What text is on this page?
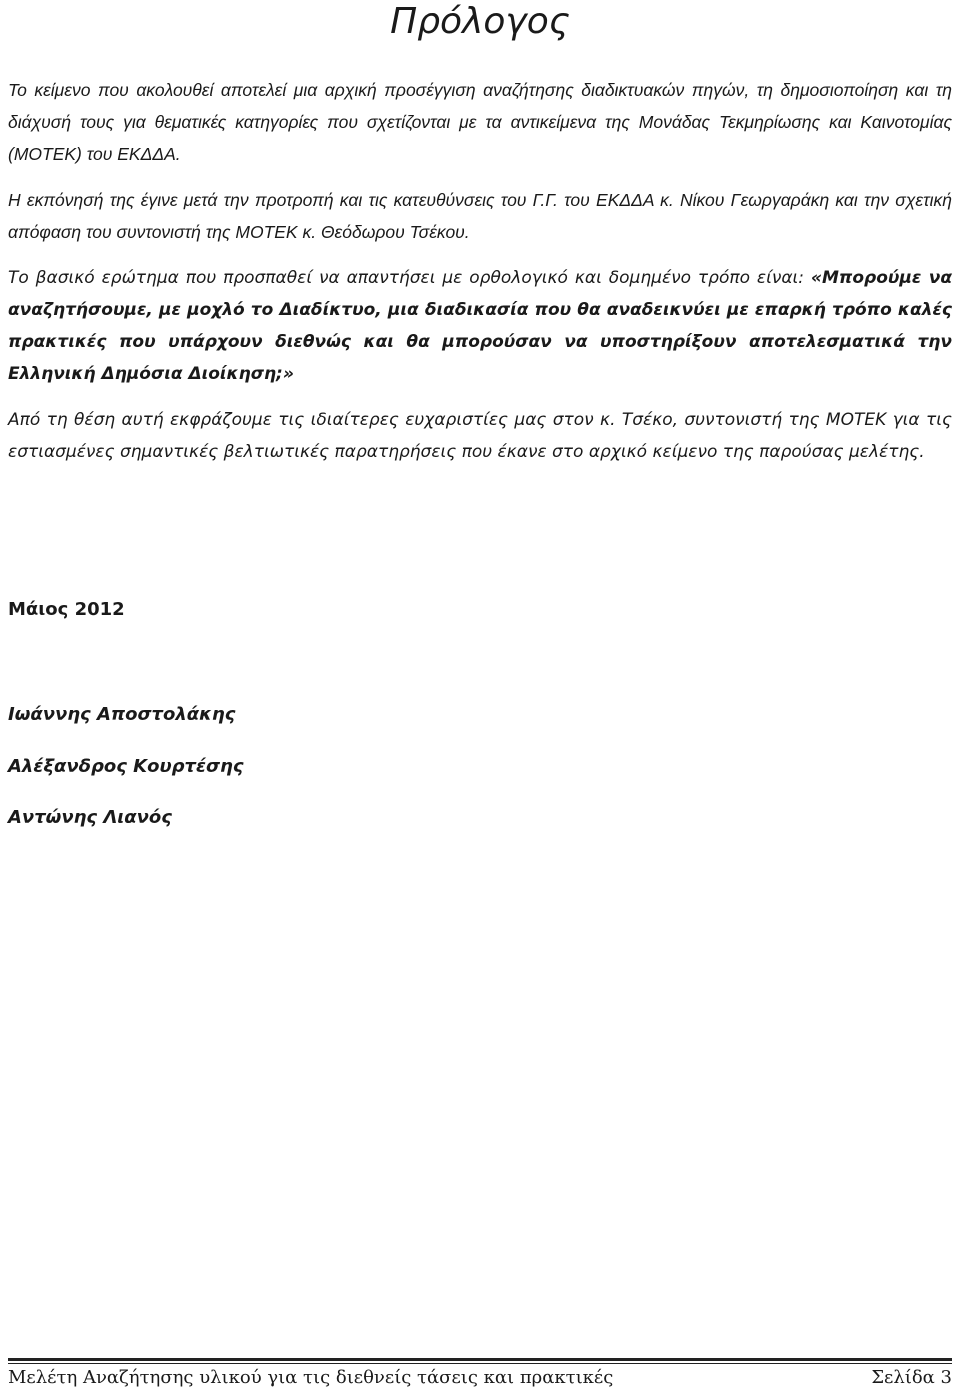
Πρόλογος

Το κείμενο που ακολουθεί αποτελεί μια αρχική προσέγγιση αναζήτησης διαδικτυακών πηγών, τη δημοσιοποίηση και τη διάχυσή τους για θεματικές κατηγορίες που σχετίζονται με τα αντικείμενα της Μονάδας Τεκμηρίωσης και Καινοτομίας (ΜΟΤΕΚ) του ΕΚΔΔΑ.

Η εκπόνησή της έγινε μετά την προτροπή και τις κατευθύνσεις του Γ.Γ. του ΕΚΔΔΑ κ. Νίκου Γεωργαράκη και την σχετική απόφαση του συντονιστή της ΜΟΤΕΚ κ. Θεόδωρου Τσέκου.

Το βασικό ερώτημα που προσπαθεί να απαντήσει με ορθολογικό και δομημένο τρόπο είναι: «Μπορούμε να αναζητήσουμε, με μοχλό το Διαδίκτυο, μια διαδικασία που θα αναδεικνύει με επαρκή τρόπο καλές πρακτικές που υπάρχουν διεθνώς και θα μπορούσαν να υποστηρίξουν αποτελεσματικά την Ελληνική Δημόσια Διοίκηση;»

Από τη θέση αυτή εκφράζουμε τις ιδιαίτερες ευχαριστίες μας στον κ. Τσέκο, συντονιστή της ΜΟΤΕΚ για τις εστιασμένες σημαντικές βελτιωτικές παρατηρήσεις που έκανε στο αρχικό κείμενο της παρούσας μελέτης.

Μάιος 2012
Ιωάννης Αποστολάκης
Αλέξανδρος Κουρτέσης
Αντώνης Λιανός
Μελέτη Αναζήτησης υλικού για τις διεθνείς τάσεις και πρακτικές	Σελίδα 3
